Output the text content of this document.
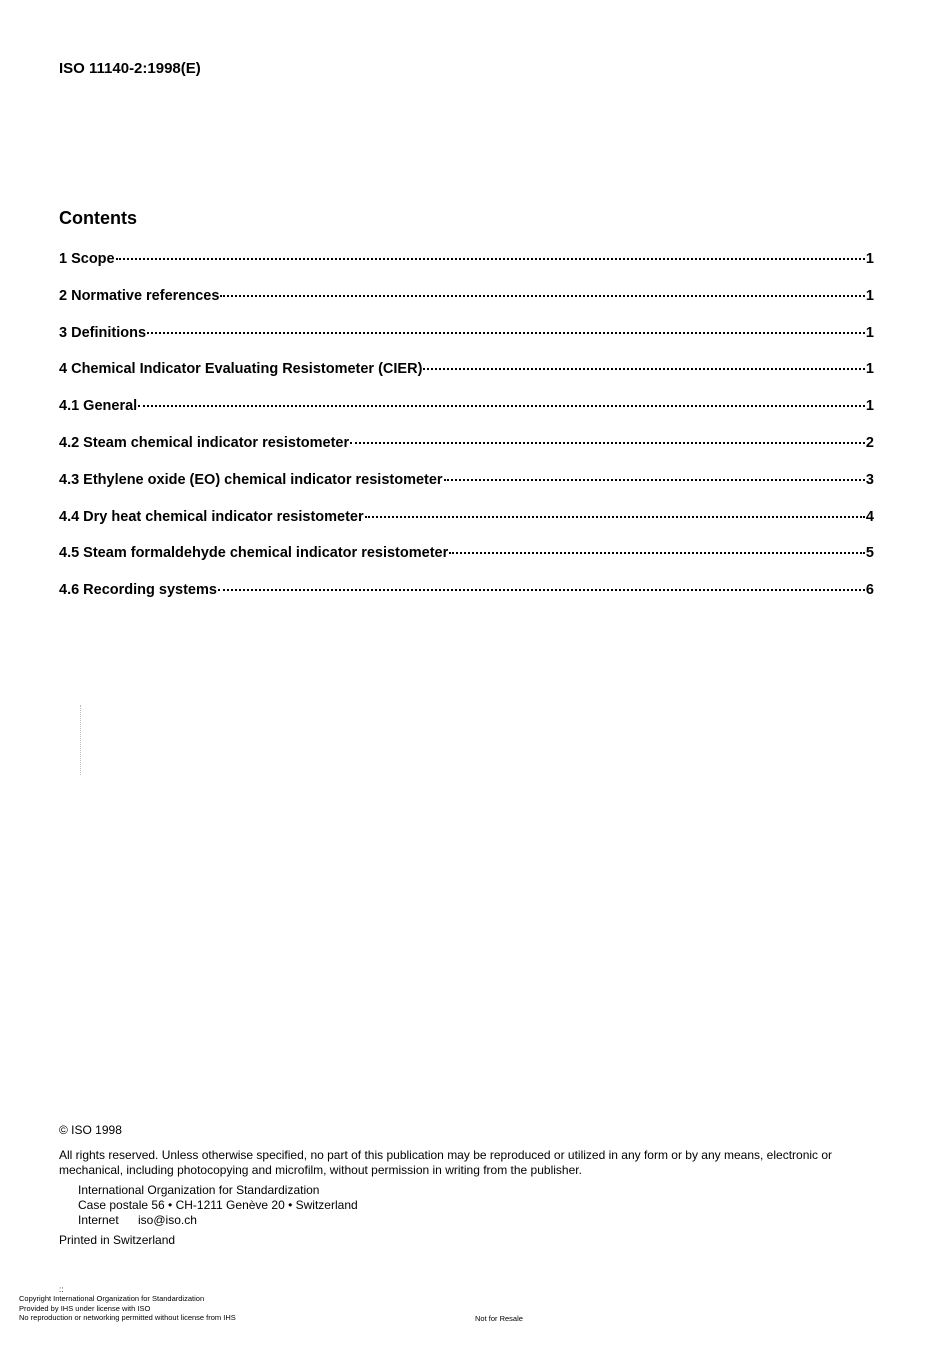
ISO 11140-2:1998(E)
Contents
1 Scope	1
2 Normative references	1
3 Definitions	1
4 Chemical Indicator Evaluating Resistometer (CIER)	1
4.1 General	1
4.2 Steam chemical indicator resistometer	2
4.3 Ethylene oxide (EO) chemical indicator resistometer	3
4.4 Dry heat chemical indicator resistometer	4
4.5 Steam formaldehyde chemical indicator resistometer	5
4.6 Recording systems	6
© ISO 1998
All rights reserved. Unless otherwise specified, no part of this publication may be reproduced or utilized in any form or by any means, electronic or mechanical, including photocopying and microfilm, without permission in writing from the publisher.
International Organization for Standardization
Case postale 56 • CH-1211 Genève 20 • Switzerland
Internet iso@iso.ch
Printed in Switzerland
::
Copyright International Organization for Standardization
Provided by IHS under license with ISO
No reproduction or networking permitted without license from IHS	Not for Resale
